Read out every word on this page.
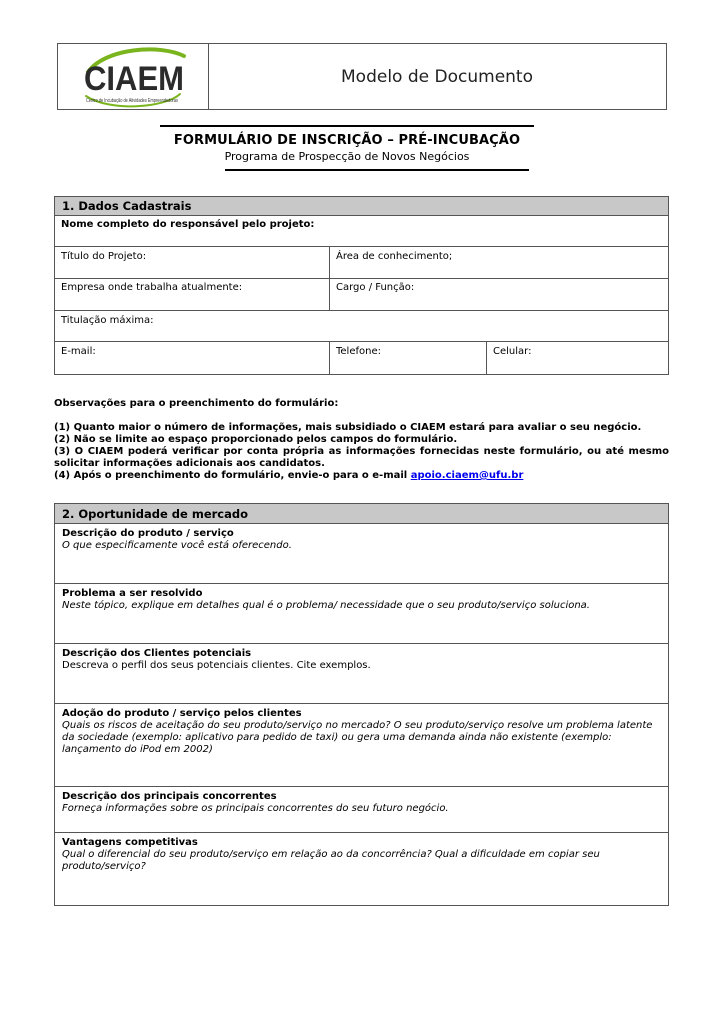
CIAEM
Centro de Incubação de Atividades Empreendedoras
Modelo de Documento
FORMULÁRIO DE INSCRIÇÃO – PRÉ-INCUBAÇÃO
Programa de Prospecção de Novos Negócios
1. Dados Cadastrais
Nome completo do responsável pelo projeto:
Título do Projeto:	Área de conhecimento;
Empresa onde trabalha atualmente:	Cargo / Função:
Titulação máxima:
E-mail:	Telefone:	Celular:

Observações para o preenchimento do formulário:

(1) Quanto maior o número de informações, mais subsidiado o CIAEM estará para avaliar o seu negócio.

(2) Não se limite ao espaço proporcionado pelos campos do formulário.

(3) O CIAEM poderá verificar por conta própria as informações fornecidas neste formulário, ou até mesmo solicitar informações adicionais aos candidatos.

(4) Após o preenchimento do formulário, envie-o para o e-mail apoio.ciaem@ufu.br

2. Oportunidade de mercado
Descrição do produto / serviço
O que especificamente você está oferecendo.
Problema a ser resolvido
Neste tópico, explique em detalhes qual é o problema/ necessidade que o seu produto/serviço soluciona.
Descrição dos Clientes potenciais
Descreva o perfil dos seus potenciais clientes. Cite exemplos.
Adoção do produto / serviço pelos clientes
Quais os riscos de aceitação do seu produto/serviço no mercado? O seu produto/serviço resolve um problema latente da sociedade (exemplo: aplicativo para pedido de taxi) ou gera uma demanda ainda não existente (exemplo: lançamento do iPod em 2002)
Descrição dos principais concorrentes
Forneça informações sobre os principais concorrentes do seu futuro negócio.
Vantagens competitivas
Qual o diferencial do seu produto/serviço em relação ao da concorrência? Qual a dificuldade em copiar seu produto/serviço?
